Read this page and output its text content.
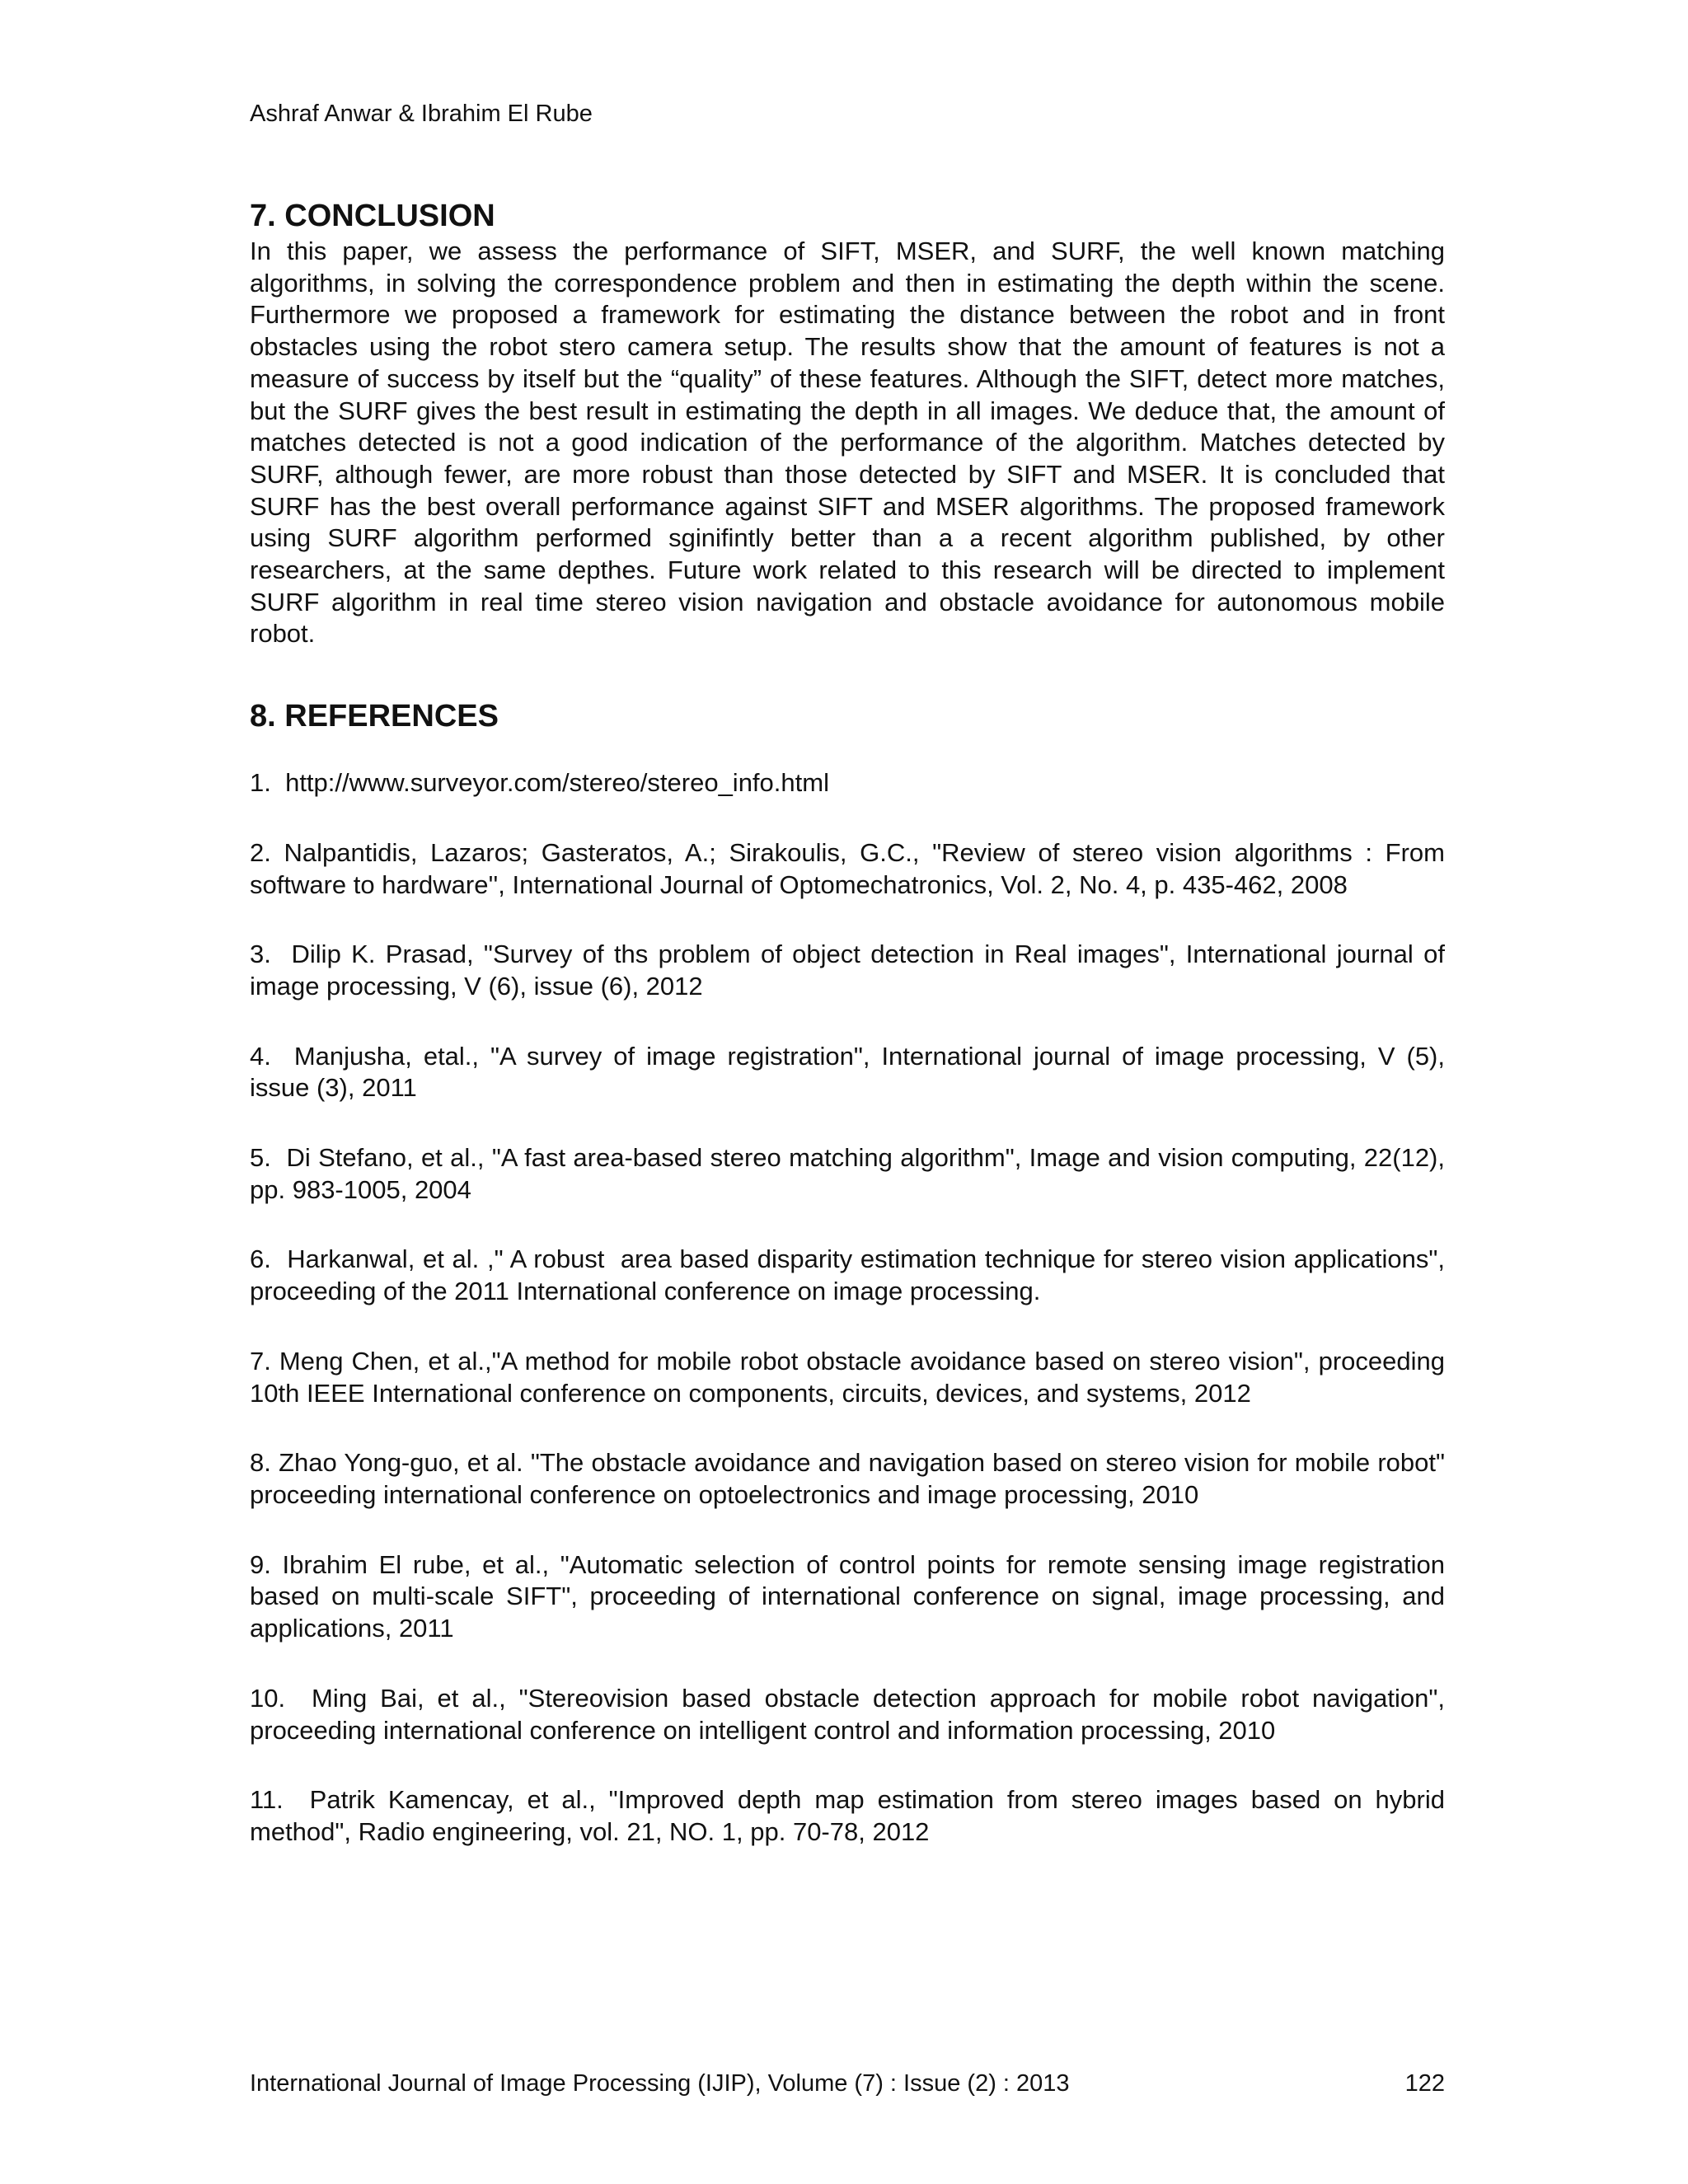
Ashraf Anwar & Ibrahim El Rube
7. CONCLUSION

In this paper, we assess the performance of SIFT, MSER, and SURF, the well known matching algorithms, in solving the correspondence problem and then in estimating the depth within the scene. Furthermore we proposed a framework for estimating the distance between the robot and in front obstacles using the robot stero camera setup. The results show that the amount of features is not a measure of success by itself but the “quality” of these features. Although the SIFT, detect more matches, but the SURF gives the best result in estimating the depth in all images. We deduce that, the amount of matches detected is not a good indication of the performance of the algorithm. Matches detected by SURF, although fewer, are more robust than those detected by SIFT and MSER. It is concluded that SURF has the best overall performance against SIFT and MSER algorithms. The proposed framework using SURF algorithm performed sginifintly better than a a recent algorithm published, by other researchers, at the same depthes. Future work related to this research will be directed to implement SURF algorithm in real time stereo vision navigation and obstacle avoidance for autonomous mobile robot.

8. REFERENCES

1.  http://www.surveyor.com/stereo/stereo_info.html

2. Nalpantidis, Lazaros; Gasteratos, A.; Sirakoulis, G.C., "Review of stereo vision algorithms : From software to hardware'', International Journal of Optomechatronics, Vol. 2, No. 4, p. 435-462, 2008

3.  Dilip K. Prasad, "Survey of ths problem of object detection in Real images", International journal of image processing, V (6), issue (6), 2012

4.  Manjusha, etal., "A survey of image registration", International journal of image processing, V (5), issue (3), 2011

5.  Di Stefano, et al., "A fast area-based stereo matching algorithm", Image and vision computing, 22(12), pp. 983-1005, 2004

6.  Harkanwal, et al. ," A robust  area based disparity estimation technique for stereo vision applications", proceeding of the 2011 International conference on image processing.

7. Meng Chen, et al.,"A method for mobile robot obstacle avoidance based on stereo vision", proceeding 10th IEEE International conference on components, circuits, devices, and systems, 2012

8. Zhao Yong-guo, et al. "The obstacle avoidance and navigation based on stereo vision for mobile robot" proceeding international conference on optoelectronics and image processing, 2010

9. Ibrahim El rube, et al., "Automatic selection of control points for remote sensing image registration based on multi-scale SIFT", proceeding of international conference on signal, image processing, and applications, 2011

10.  Ming Bai, et al., "Stereovision based obstacle detection approach for mobile robot navigation", proceeding international conference on intelligent control and information processing, 2010

11.  Patrik Kamencay, et al., "Improved depth map estimation from stereo images based on hybrid method", Radio engineering, vol. 21, NO. 1, pp. 70-78, 2012

International Journal of Image Processing (IJIP), Volume (7) : Issue (2) : 2013	122
